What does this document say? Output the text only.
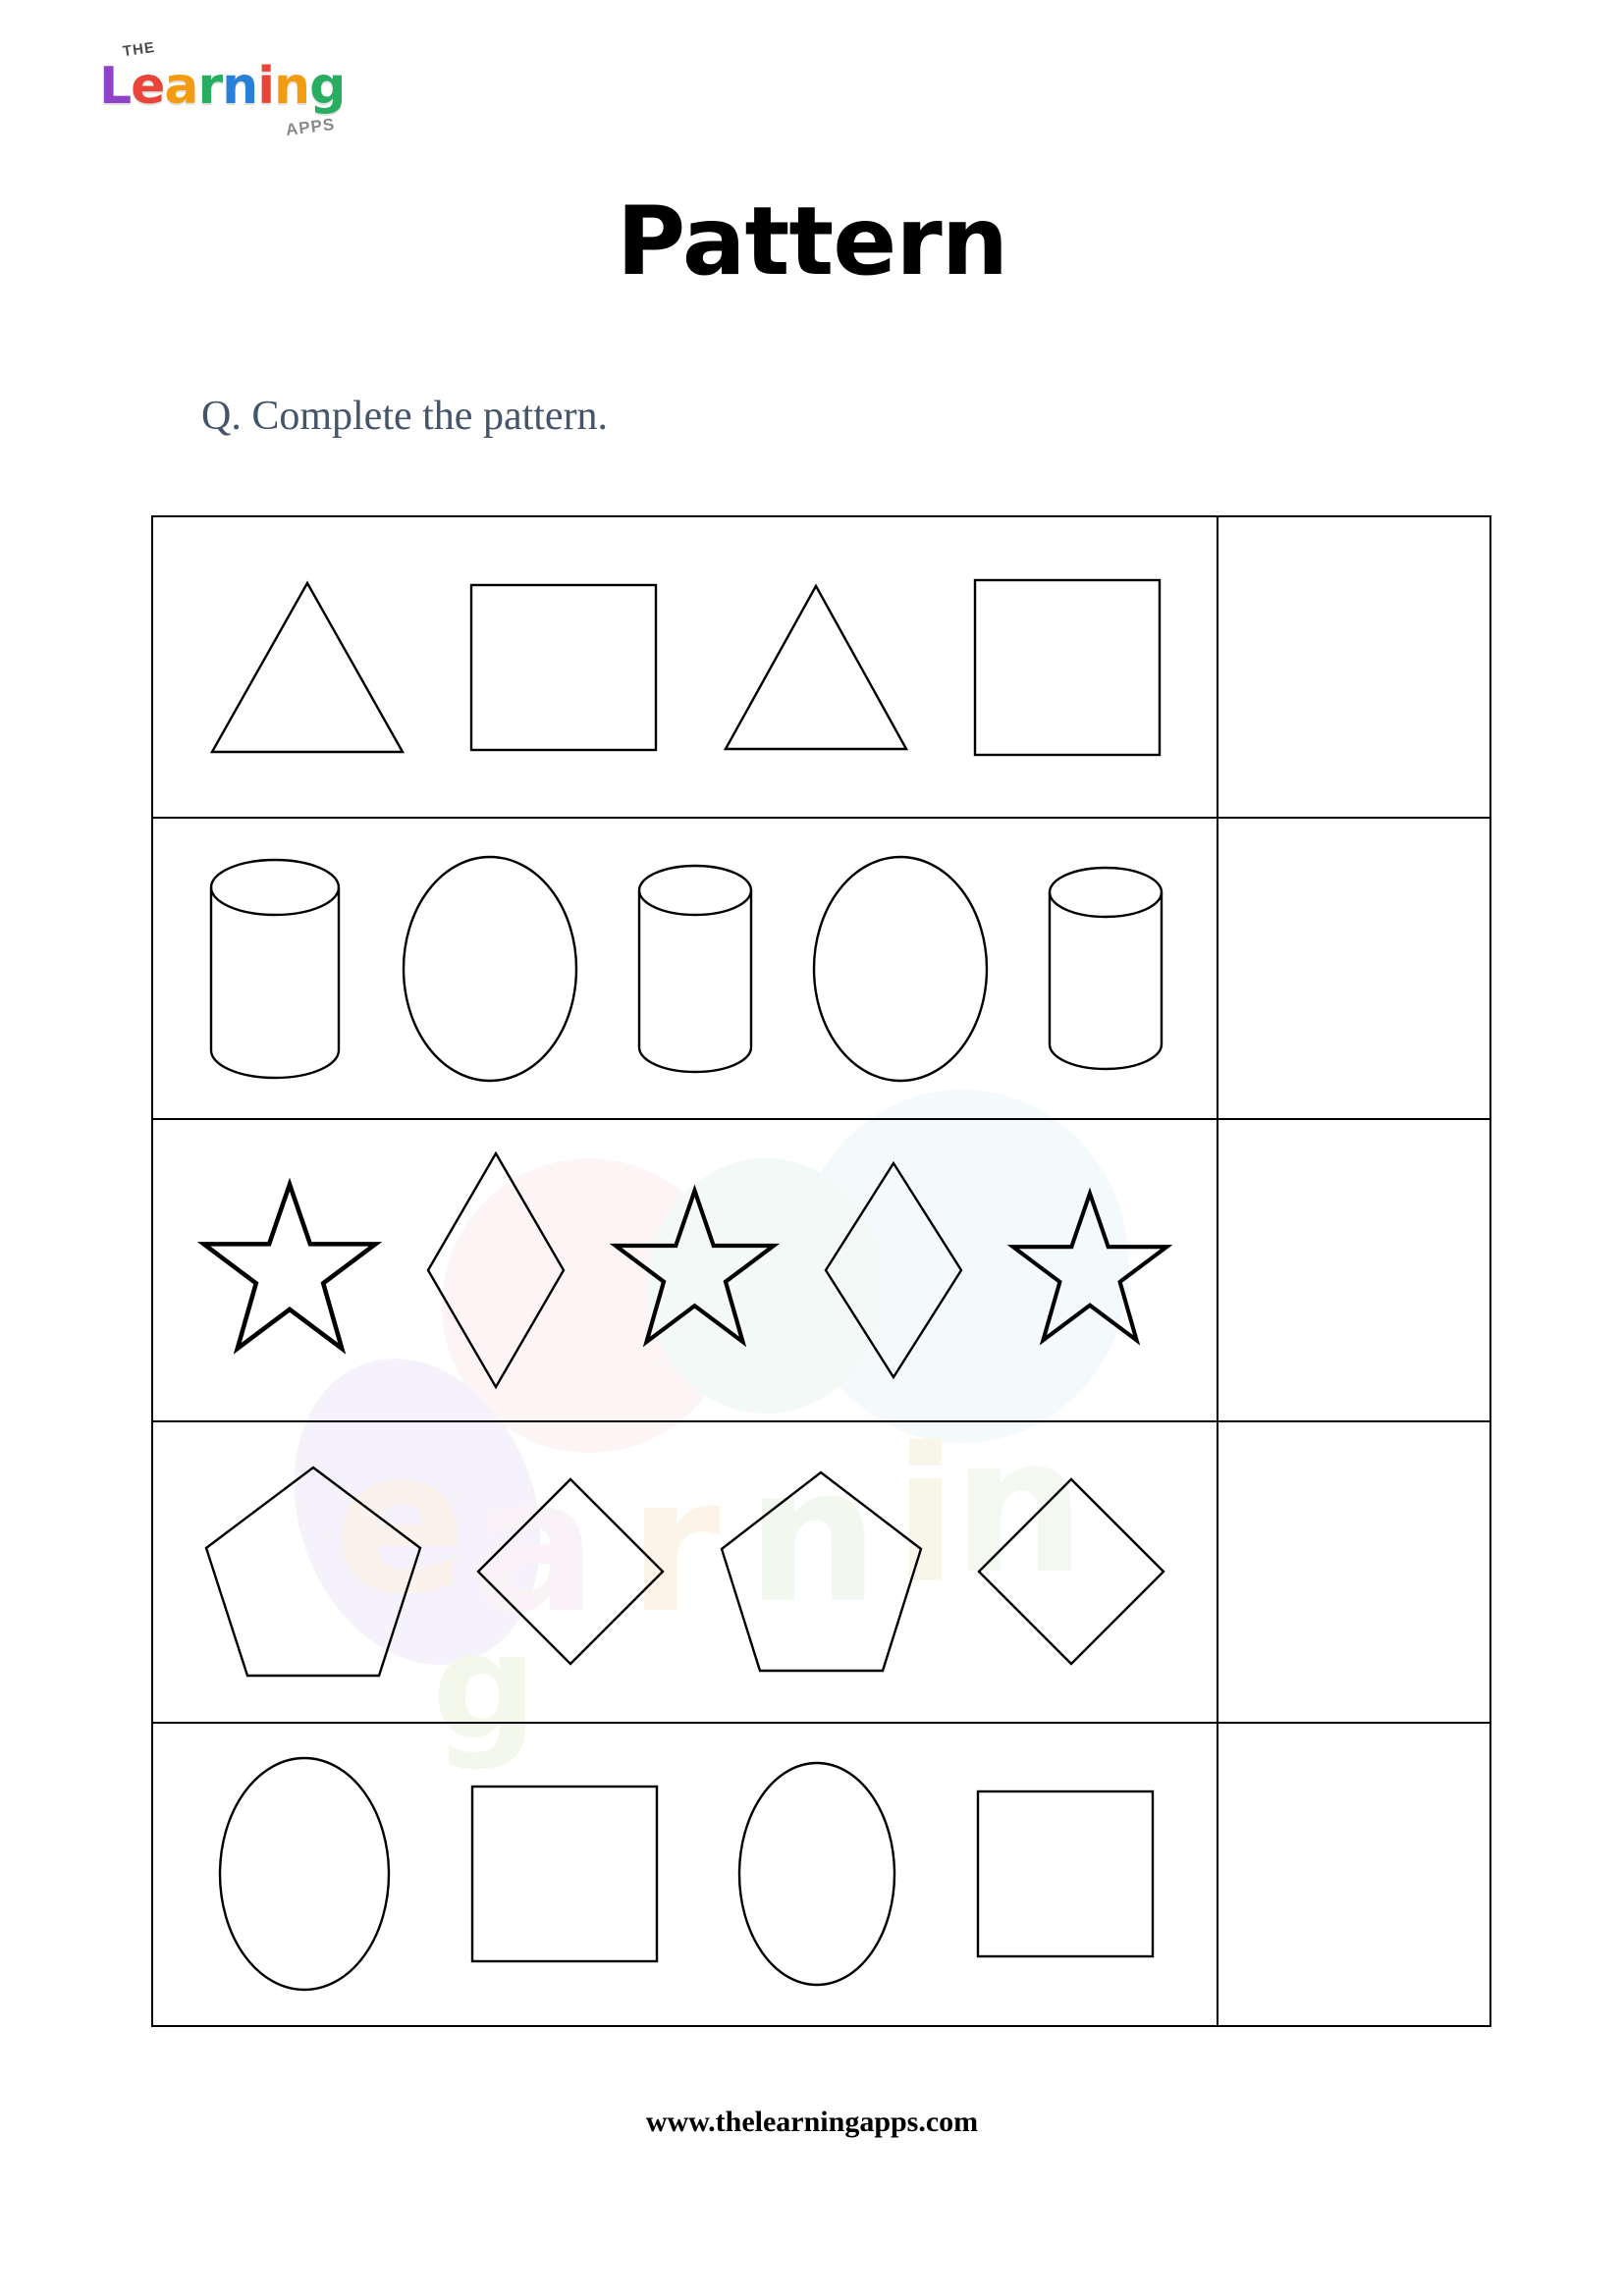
THE
Learning
APPS
Pattern
Q. Complete the pattern.
e a r n i
n
g
www.thelearningapps.com
